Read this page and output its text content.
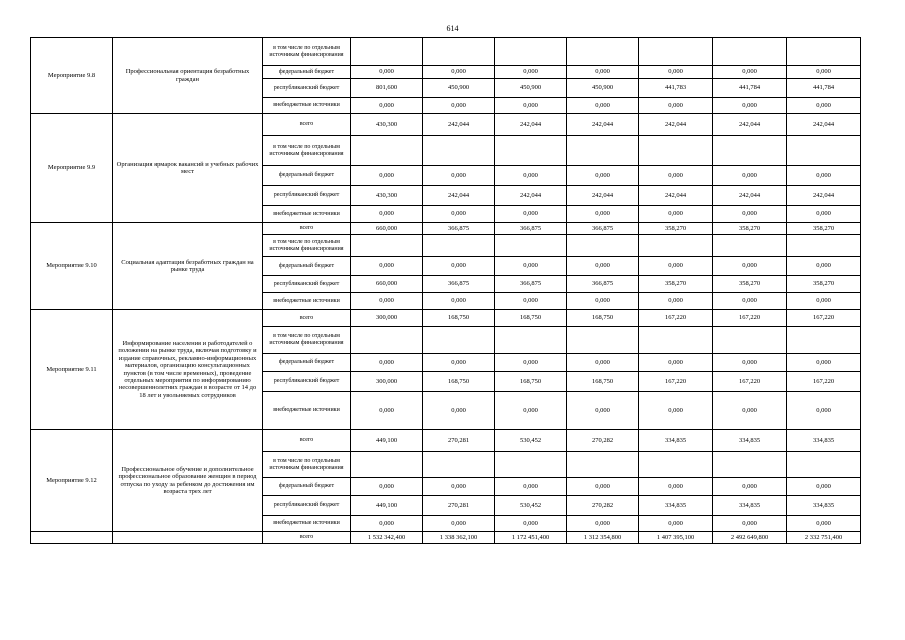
614
Мероприятие 9.8	Профессиональная ориентация безработных граждан	в том числе по отдельным источникам финансирования							
		федеральный бюджет	0,000	0,000	0,000	0,000	0,000	0,000	0,000
		республиканский бюджет	801,600	450,900	450,900	450,900	441,783	441,784	441,784
		внебюджетные источники	0,000	0,000	0,000	0,000	0,000	0,000	0,000
Мероприятие 9.9	Организация ярмарок вакансий и учебных рабочих мест	всего	430,300	242,044	242,044	242,044	242,044	242,044	242,044
		в том числе по отдельным источникам финансирования							
		федеральный бюджет	0,000	0,000	0,000	0,000	0,000	0,000	0,000
		республиканский бюджет	430,300	242,044	242,044	242,044	242,044	242,044	242,044
		внебюджетные источники	0,000	0,000	0,000	0,000	0,000	0,000	0,000
Мероприятие 9.10	Социальная адаптация безработных граждан на рынке труда	всего	660,000	366,875	366,875	366,875	358,270	358,270	358,270
		в том числе по отдельным источникам финансирования							
		федеральный бюджет	0,000	0,000	0,000	0,000	0,000	0,000	0,000
		республиканский бюджет	660,000	366,875	366,875	366,875	358,270	358,270	358,270
		внебюджетные источники	0,000	0,000	0,000	0,000	0,000	0,000	0,000
Мероприятие 9.11	Информирование населения и работодателей о положении на рынке труда, включая подготовку и издание справочных, рекламно-информационных материалов, организацию консультационных пунктов (в том числе временных), проведение отдельных мероприятия по информированию несовершеннолетних граждан в возрасте от 14 до 18 лет и увольняемых сотрудников	всего	300,000	168,750	168,750	168,750	167,220	167,220	167,220
		в том числе по отдельным источникам финансирования							
		федеральный бюджет	0,000	0,000	0,000	0,000	0,000	0,000	0,000
		республиканский бюджет	300,000	168,750	168,750	168,750	167,220	167,220	167,220
		внебюджетные источники	0,000	0,000	0,000	0,000	0,000	0,000	0,000
Мероприятие 9.12	Профессиональное обучение и дополнительное профессиональное образование женщин в период отпуска по уходу за ребенком до достижения им возраста трех лет	всего	449,100	270,281	530,452	270,282	334,835	334,835	334,835
		в том числе по отдельным источникам финансирования							
		федеральный бюджет	0,000	0,000	0,000	0,000	0,000	0,000	0,000
		республиканский бюджет	449,100	270,281	530,452	270,282	334,835	334,835	334,835
		внебюджетные источники	0,000	0,000	0,000	0,000	0,000	0,000	0,000
		всего	1 532 342,400	1 338 362,100	1 172 451,400	1 312 354,800	1 407 395,100	2 492 649,800	2 332 751,400
